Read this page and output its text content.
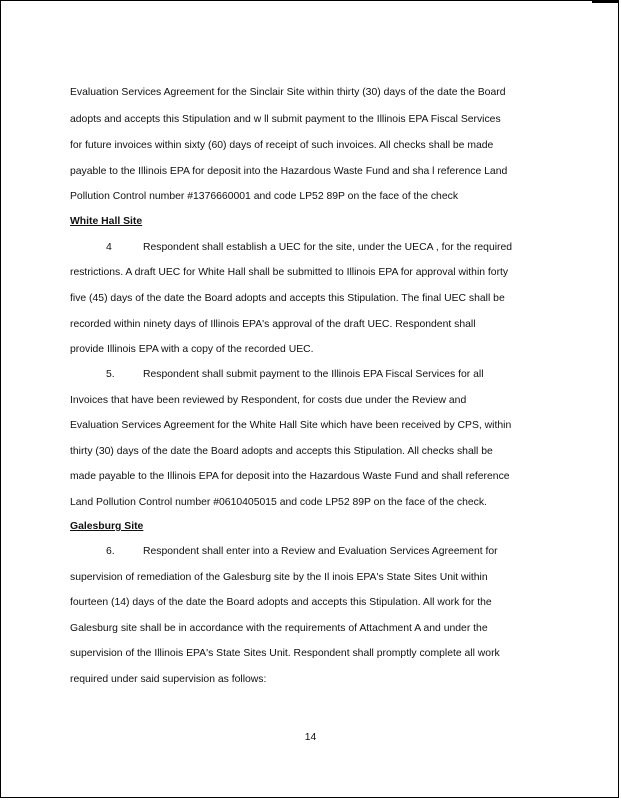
Evaluation Services Agreement for the Sinclair Site within thirty (30) days of the date the Board
adopts and accepts this Stipulation and w ll submit payment to the Illinois EPA Fiscal Services
for future invoices within sixty (60) days of receipt of such invoices. All checks shall be made
payable to the Illinois EPA for deposit into the Hazardous Waste Fund and sha l reference Land
Pollution Control number #1376660001 and code LP52 89P on the face of the check
White Hall Site
4	Respondent shall establish a UEC for the site, under the UECA , for the required
restrictions. A draft UEC for White Hall shall be submitted to Illinois EPA for approval within forty
five (45) days of the date the Board adopts and accepts this Stipulation. The final UEC shall be
recorded within ninety days of Illinois EPA's approval of the draft UEC. Respondent shall
provide Illinois EPA with a copy of the recorded UEC.
5.	Respondent shall submit payment to the Illinois EPA Fiscal Services for all
Invoices that have been reviewed by Respondent, for costs due under the Review and
Evaluation Services Agreement for the White Hall Site which have been received by CPS, within
thirty (30) days of the date the Board adopts and accepts this Stipulation. All checks shall be
made payable to the Illinois EPA for deposit into the Hazardous Waste Fund and shall reference
Land Pollution Control number #0610405015 and code LP52 89P on the face of the check.
Galesburg Site
6.	Respondent shall enter into a Review and Evaluation Services Agreement for
supervision of remediation of the Galesburg site by the Il inois EPA's State Sites Unit within
fourteen (14) days of the date the Board adopts and accepts this Stipulation. All work for the
Galesburg site shall be in accordance with the requirements of Attachment A and under the
supervision of the Illinois EPA's State Sites Unit. Respondent shall promptly complete all work
required under said supervision as follows:
14
